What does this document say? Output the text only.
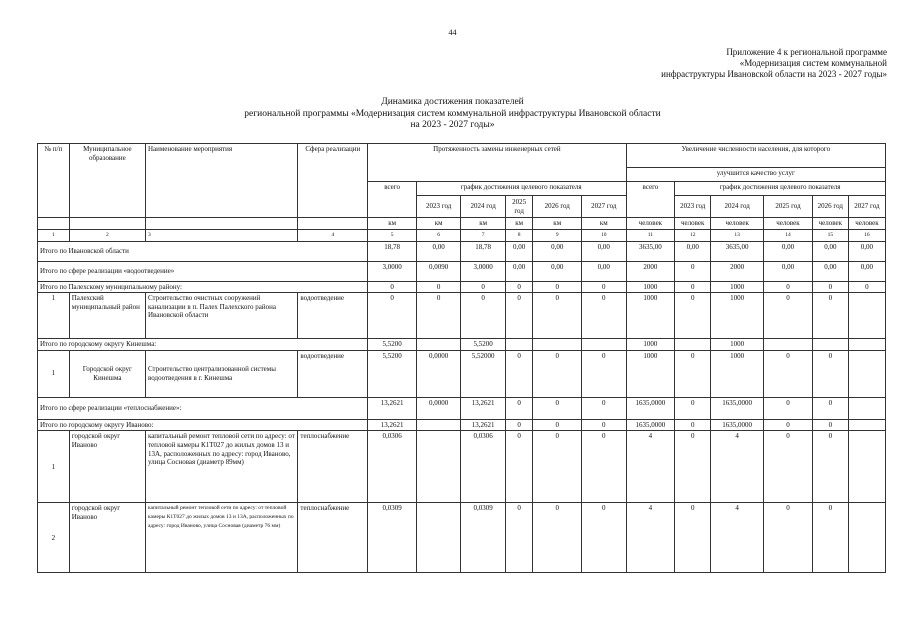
44
Приложение 4 к региональной программе
«Модернизация систем коммунальной
инфраструктуры Ивановской области на 2023 - 2027 годы»
Динамика достижения показателей
региональной программы «Модернизация систем коммунальной инфраструктуры Ивановской области
на 2023 - 2027 годы»
№ п/п	Муниципальное образование	Наименование мероприятия	Сфера реализации	Протяженность замены инженерных сетей						Увеличение численности населения, для которого					
										улучшится качество услуг					
				всего	график достижения целевого показателя					всего	график достижения целевого показателя				
					2023 год	2024 год	2025 год	2026 год	2027 год		2023 год	2024 год	2025 год	2026 год	2027 год
				км	км	км	км	км	км	человек	человек	человек	человек	человек	человек
1	2	3	4	5	6	7	8	9	10	11	12	13	14	15	16
Итого по Ивановской области				18,78	0,00	18,78	0,00	0,00	0,00	3635,00	0,00	3635,00	0,00	0,00	0,00
Итого по сфере реализации «водоотведение»				3,0000	0,0090	3,0000	0,00	0,00	0,00	2000	0	2000	0,00	0,00	0,00
Итого по Палехскому муниципальному району:				0	0	0	0	0	0	1000	0	1000	0	0	0
1	Палехский муниципальный район	Строительство очистных сооружений канализации в п. Палех Палехского района Ивановской области	водоотведение	0	0	0	0	0	0	1000	0	1000	0	0	
Итого по городскому округу Кинешма:				5,5200		5,5200				1000		1000			
1	Городской округ Кинешма	Строительство централизованной системы водоотведения в г. Кинешма	водоотведение	5,5200	0,0000	5,52000	0	0	0	1000	0	1000	0	0	
Итого по сфере реализации «теплоснабжение»:				13,2621	0,0000	13,2621	0	0	0	1635,0000	0	1635,0000	0	0	
Итого по городскому округу Иваново:				13,2621		13,2621	0	0	0	1635,0000	0	1635,0000	0	0	
1	городской округ Иваново	капитальный ремонт тепловой сети по адресу: от тепловой камеры К1Т027 до жилых домов 13 и 13А, расположенных по адресу: город Иваново, улица Сосновая (диаметр 89мм)	теплоснабжение	0,0306		0,0306	0	0	0	4	0	4	0	0	
2	городской округ Иваново	капитальный ремонт тепловой сети по адресу: от тепловой камеры К1Т027 до жилых домов 13 и 13А, расположенных по адресу: город Иваново, улица Сосновая (диаметр 76 мм)	теплоснабжение	0,0309		0,0309	0	0	0	4	0	4	0	0	
